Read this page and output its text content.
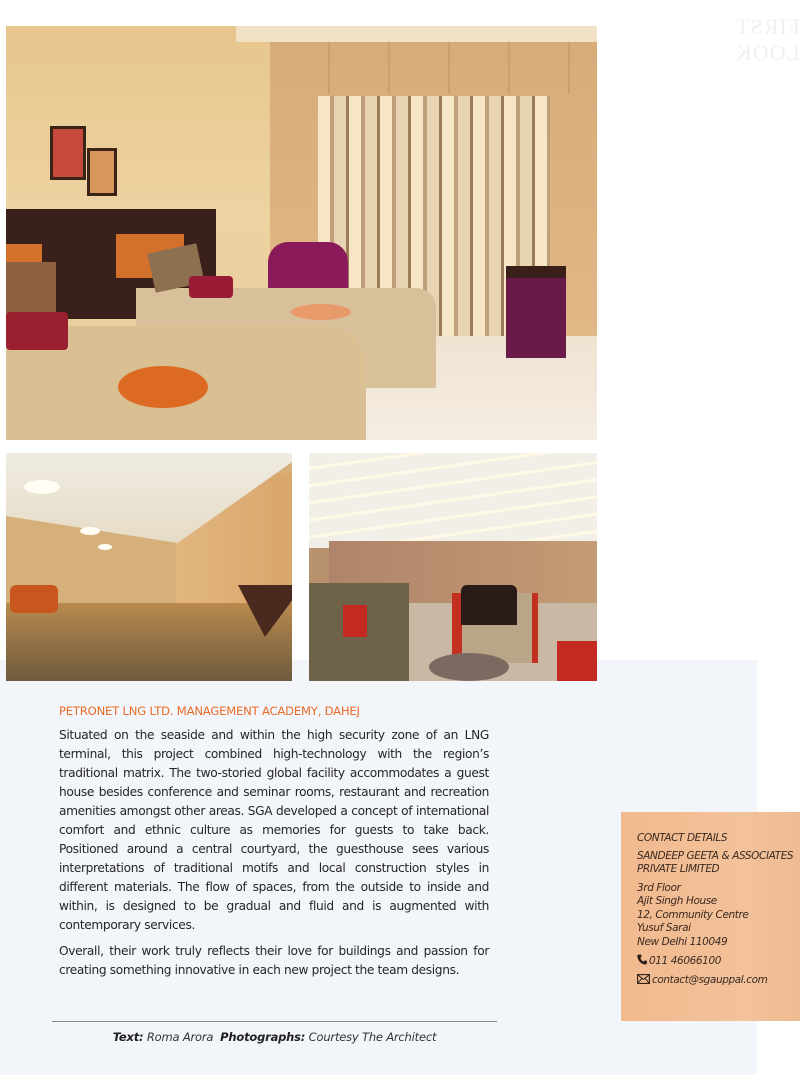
FIRST LOOK
PETRONET LNG LTD. MANAGEMENT ACADEMY, DAHEJ

Situated on the seaside and within the high security zone of an LNG terminal, this project combined high-technology with the region’s traditional matrix. The two-storied global facility accommodates a guest house besides conference and seminar rooms, restaurant and recreation amenities amongst other areas. SGA developed a concept of international comfort and ethnic culture as memories for guests to take back. Positioned around a central courtyard, the guesthouse sees various interpretations of traditional motifs and local construction styles in different materials. The flow of spaces, from the outside to inside and within, is designed to be gradual and fluid and is augmented with contemporary services.

Overall, their work truly reflects their love for buildings and passion for creating something innovative in each new project the team designs.

Text: Roma Arora Photographs: Courtesy The Architect
CONTACT DETAILS
SANDEEP GEETA & ASSOCIATES
PRIVATE LIMITED
3rd Floor
Ajit Singh House
12, Community Centre
Yusuf Sarai
New Delhi 110049
011 46066100
contact@sgauppal.com
